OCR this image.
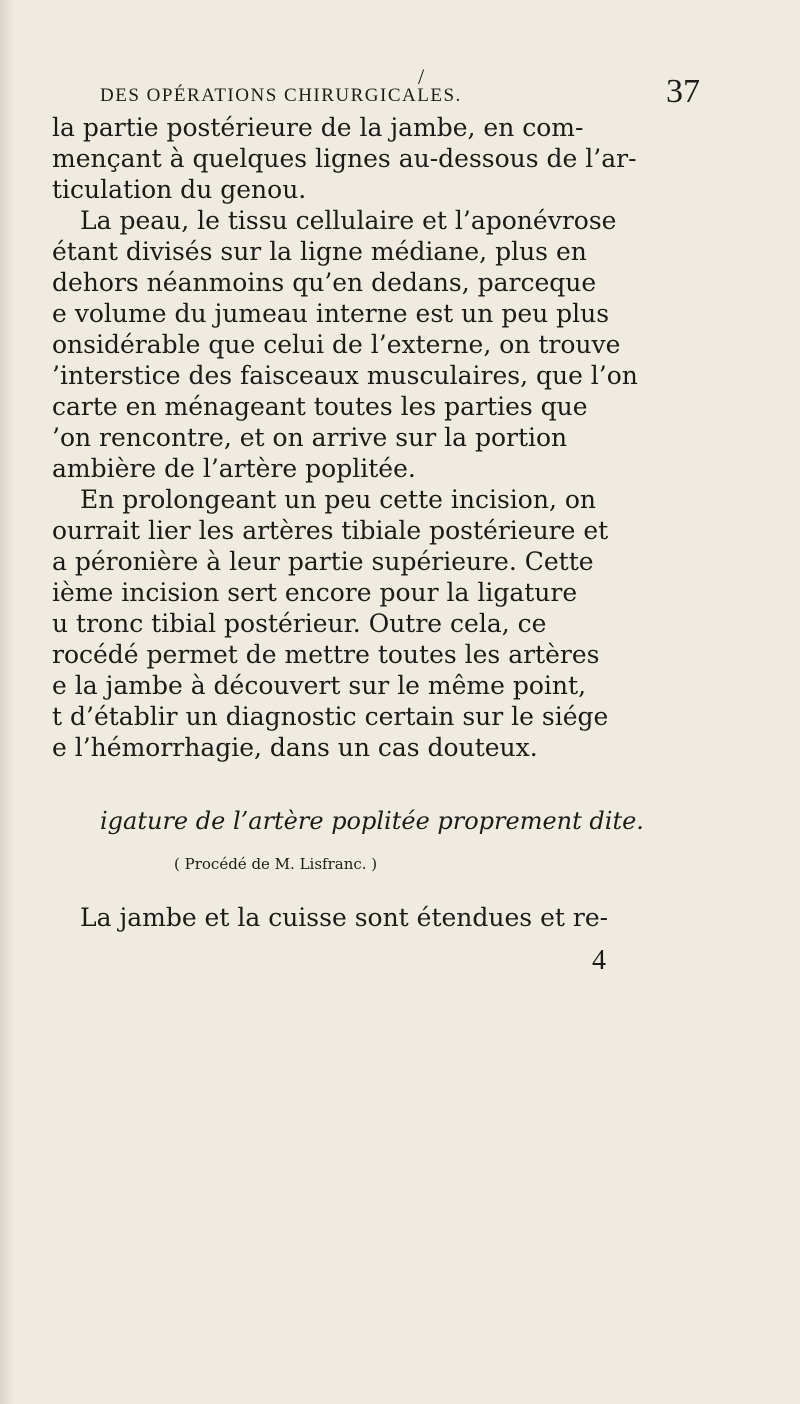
/
DES OPÉRATIONS CHIRURGICALES.	37
la partie postérieure de la jambe, en com-
mençant à quelques lignes au-dessous de l’ar-
ticulation du genou.
La peau, le tissu cellulaire et l’aponévrose
étant divisés sur la ligne médiane, plus en
dehors néanmoins qu’en dedans, parceque
e volume du jumeau interne est un peu plus
onsidérable que celui de l’externe, on trouve
’interstice des faisceaux musculaires, que l’on
carte en ménageant toutes les parties que
’on rencontre, et on arrive sur la portion
ambière de l’artère poplitée.
En prolongeant un peu cette incision, on
ourrait lier les artères tibiale postérieure et
a péronière à leur partie supérieure. Cette
ième incision sert encore pour la ligature
u tronc tibial postérieur. Outre cela, ce
rocédé permet de mettre toutes les artères
e la jambe à découvert sur le même point,
t d’établir un diagnostic certain sur le siége
e l’hémorrhagie, dans un cas douteux.
igature de l’artère poplitée proprement dite.
( Procédé de M. Lisfranc. )
La jambe et la cuisse sont étendues et re-
4
